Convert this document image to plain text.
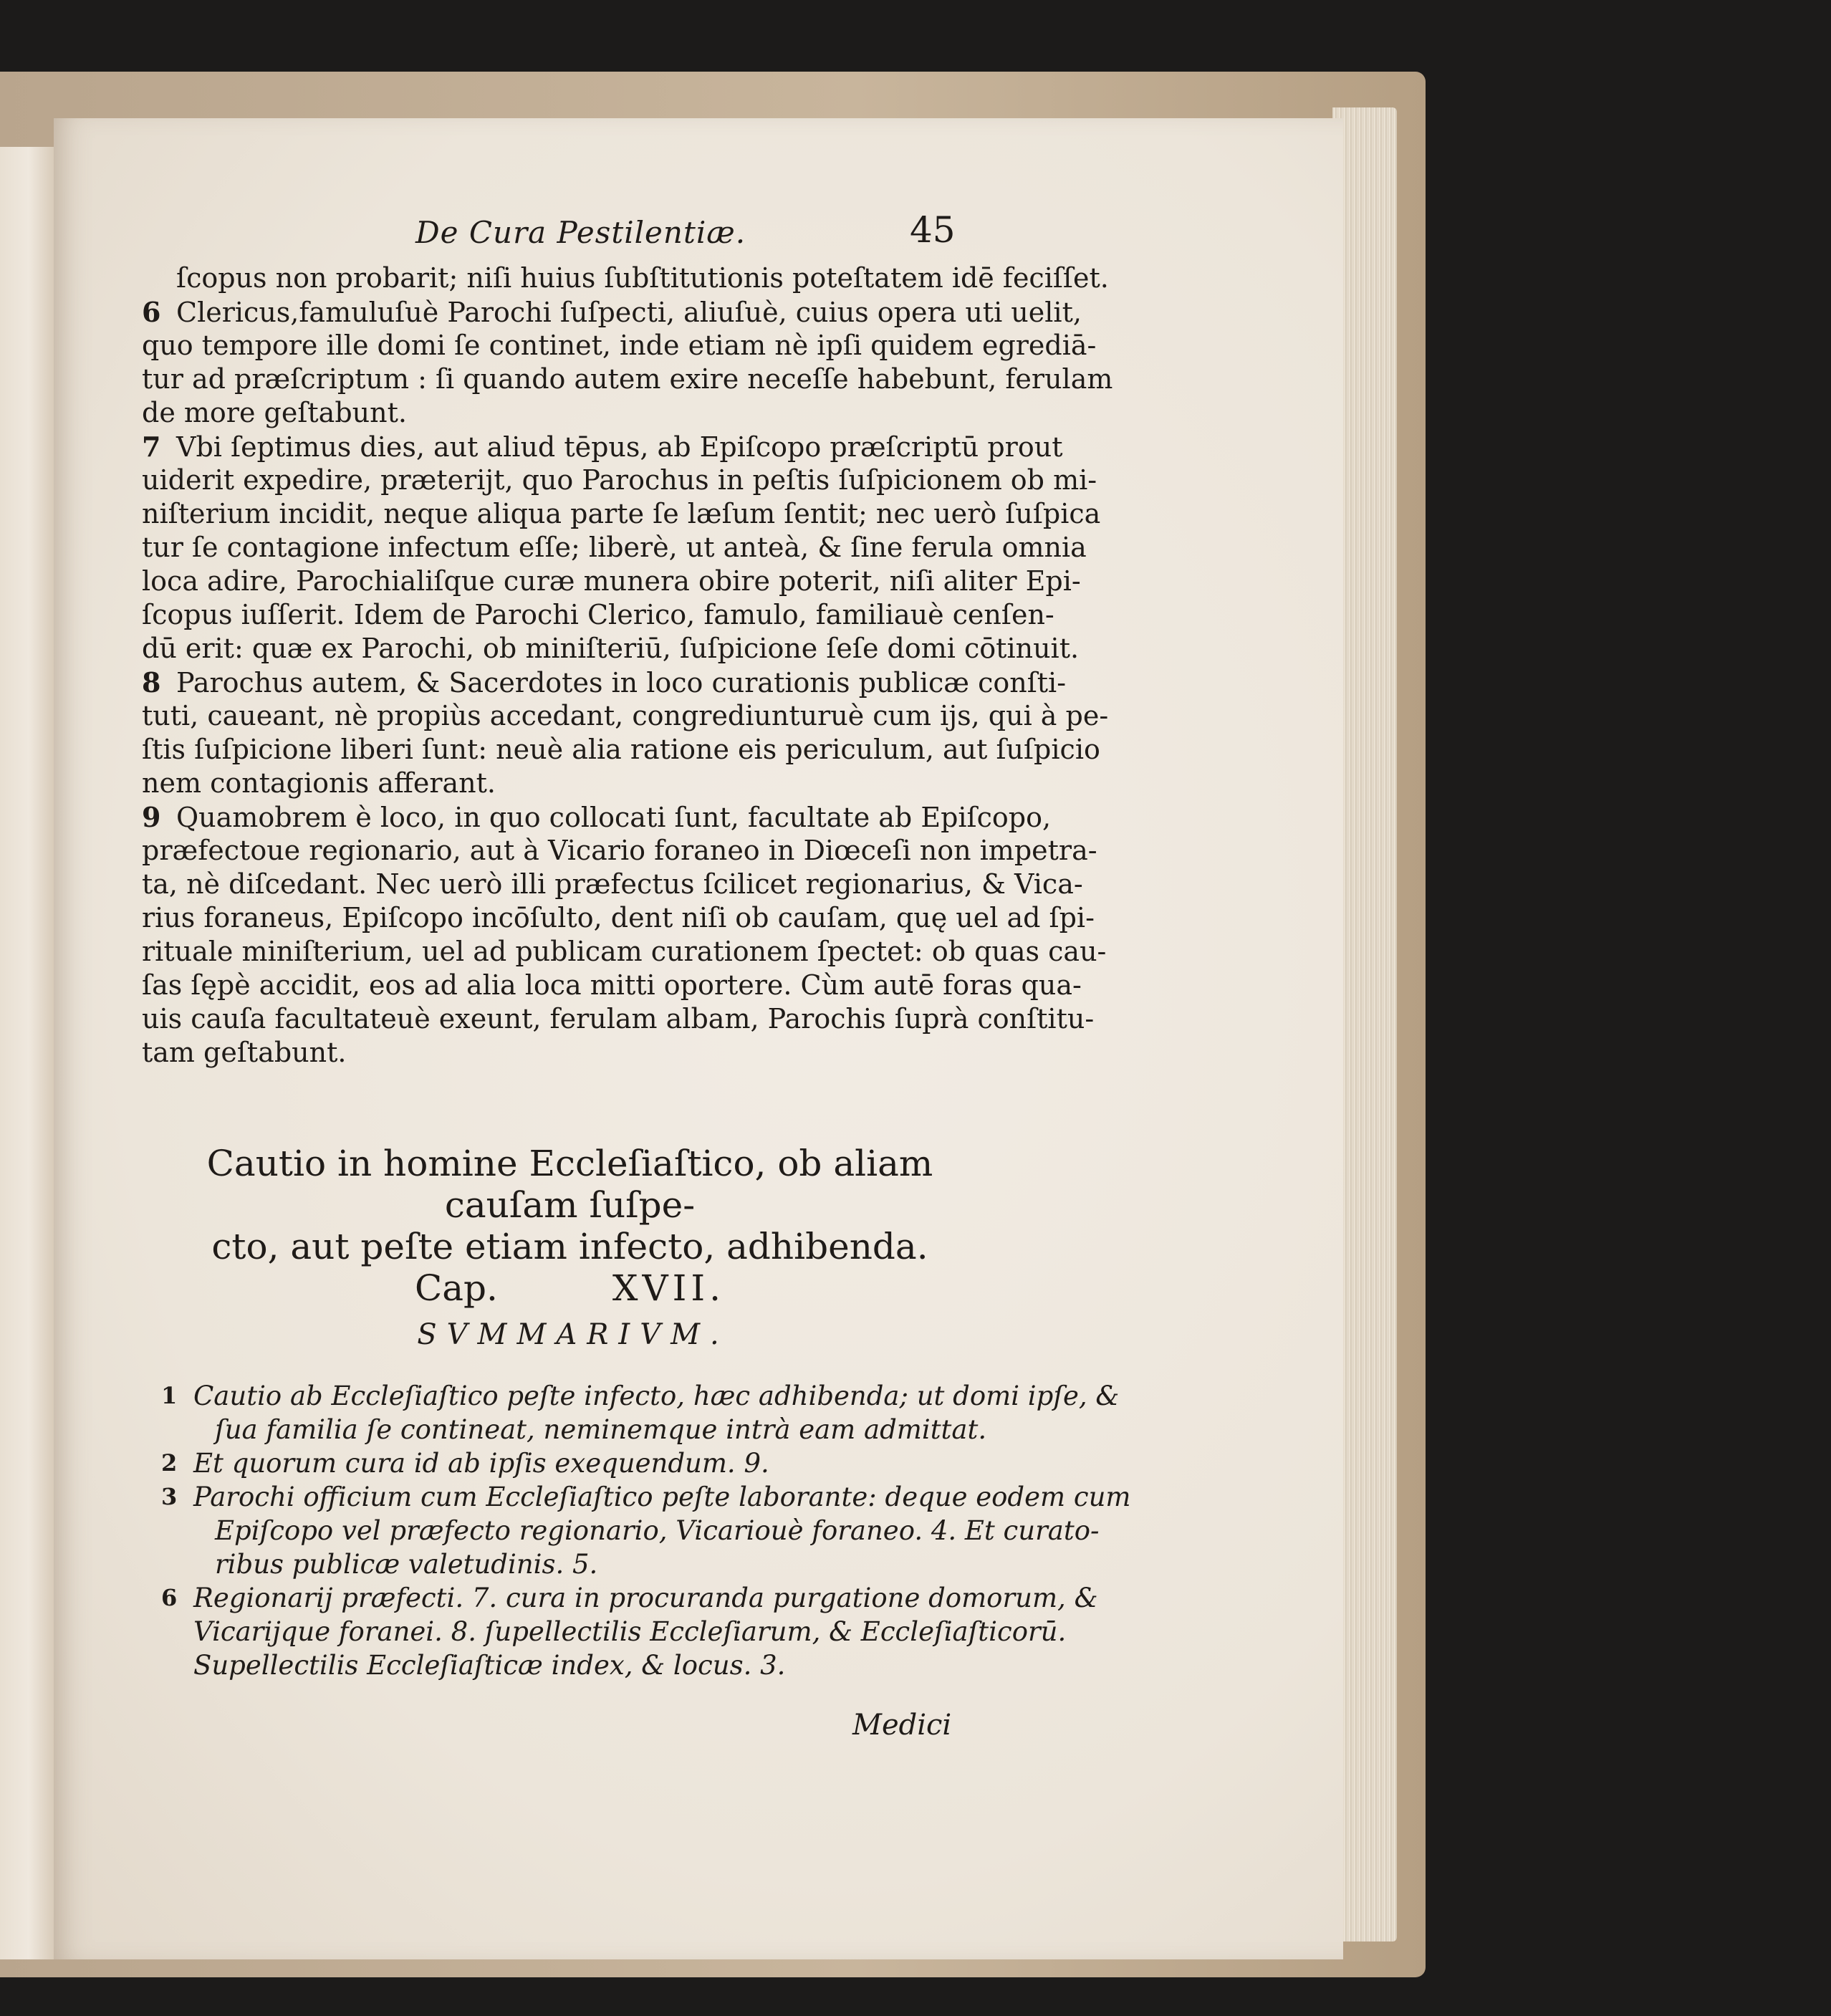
De Cura Pestilentiæ.	45
ſcopus non probarit; niſi huius ſubſtitutionis poteſtatem idē feciſſet.
6 Clericus,famuluſuè Parochi ſuſpecti, aliuſuè, cuius opera uti uelit,
quo tempore ille domi ſe continet, inde etiam nè ipſi quidem egrediā-
tur ad præſcriptum : ſi quando autem exire neceſſe habebunt, ferulam
de more geſtabunt.
7 Vbi ſeptimus dies, aut aliud tēpus, ab Epiſcopo præſcriptū prout
uiderit expedire, præterijt, quo Parochus in peſtis ſuſpicionem ob mi-
niſterium incidit, neque aliqua parte ſe læſum ſentit; nec uerò ſuſpica
tur ſe contagione infectum eſſe; liberè, ut anteà, & ſine ferula omnia
loca adire, Parochialiſque curæ munera obire poterit, niſi aliter Epi-
ſcopus iuſſerit. Idem de Parochi Clerico, famulo, familiauè cenſen-
dū erit: quæ ex Parochi, ob miniſteriū, ſuſpicione ſeſe domi cōtinuit.
8 Parochus autem, & Sacerdotes in loco curationis publicæ conſti-
tuti, caueant, nè propiùs accedant, congrediunturuè cum ijs, qui à pe-
ſtis ſuſpicione liberi ſunt: neuè alia ratione eis periculum, aut ſuſpicio
nem contagionis afferant.
9 Quamobrem è loco, in quo collocati ſunt, facultate ab Epiſcopo,
præfectoue regionario, aut à Vicario foraneo in Diœceſi non impetra-
ta, nè diſcedant. Nec uerò illi præfectus ſcilicet regionarius, & Vica-
rius foraneus, Epiſcopo incōſulto, dent niſi ob cauſam, quę uel ad ſpi-
rituale miniſterium, uel ad publicam curationem ſpectet: ob quas cau-
ſas ſępè accidit, eos ad alia loca mitti oportere. Cùm autē foras qua-
uis cauſa facultateuè exeunt, ferulam albam, Parochis ſuprà conſtitu-
tam geſtabunt.
Cautio in homine Eccleſiaſtico, ob aliam cauſam ſuſpe-
cto, aut peſte etiam infecto, adhibenda.
Cap.	XVII.
SVMMARIVM.
1 Cautio ab Eccleſiaſtico peſte infecto, hæc adhibenda; ut domi ipſe, &
ſua familia ſe contineat, neminemque intrà eam admittat.
2 Et quorum cura id ab ipſis exequendum. 9.
3 Parochi officium cum Eccleſiaſtico peſte laborante: deque eodem cum
Epiſcopo vel præfecto regionario, Vicariouè foraneo. 4. Et curato-
ribus publicæ valetudinis. 5.
6 Regionarij præfecti. 7. cura in procuranda purgatione domorum, &
Vicarijque foranei. 8. ſupellectilis Eccleſiarum, & Eccleſiaſticorū.
Supellectilis Eccleſiaſticæ index, & locus. 3.
Medici
